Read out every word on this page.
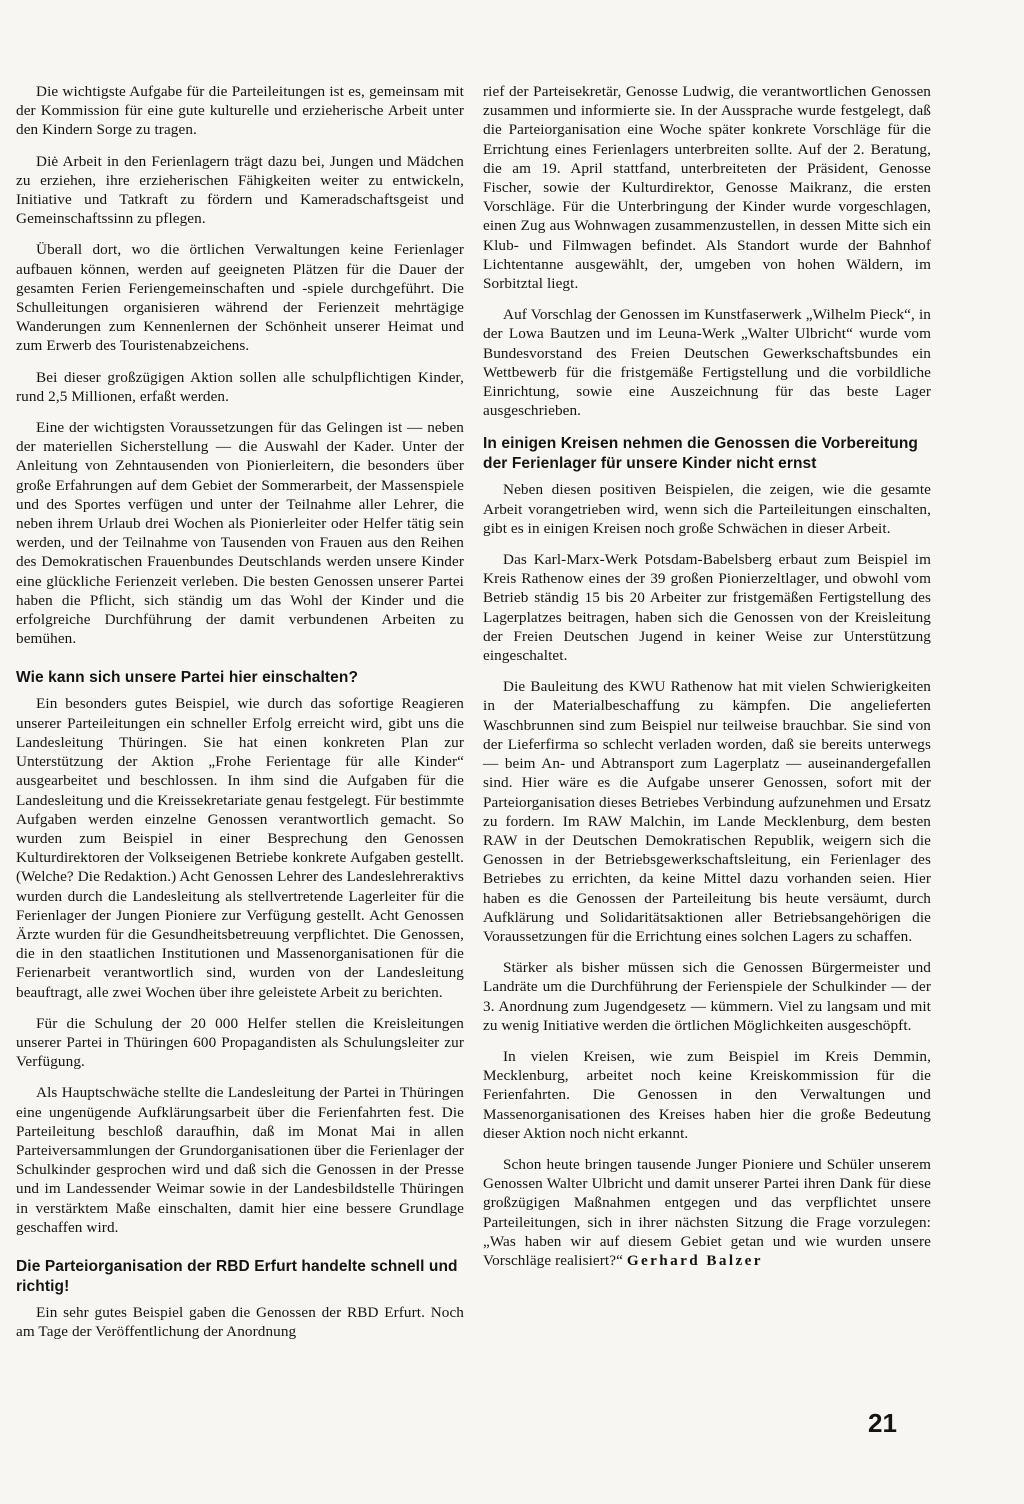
Die wichtigste Aufgabe für die Parteileitungen ist es, gemeinsam mit der Kommission für eine gute kulturelle und erzieherische Arbeit unter den Kindern Sorge zu tragen.

Diė Arbeit in den Ferienlagern trägt dazu bei, Jungen und Mädchen zu erziehen, ihre erzieherischen Fähigkeiten weiter zu entwickeln, Initiative und Tatkraft zu fördern und Kameradschaftsgeist und Gemeinschaftssinn zu pflegen.

Überall dort, wo die örtlichen Verwaltungen keine Ferienlager aufbauen können, werden auf geeigneten Plätzen für die Dauer der gesamten Ferien Feriengemeinschaften und -spiele durchgeführt. Die Schulleitungen organisieren während der Ferienzeit mehrtägige Wanderungen zum Kennenlernen der Schönheit unserer Heimat und zum Erwerb des Touristenabzeichens.

Bei dieser großzügigen Aktion sollen alle schulpflichtigen Kinder, rund 2,5 Millionen, erfaßt werden.

Eine der wichtigsten Voraussetzungen für das Gelingen ist — neben der materiellen Sicherstellung — die Auswahl der Kader. Unter der Anleitung von Zehntausenden von Pionierleitern, die besonders über große Erfahrungen auf dem Gebiet der Sommerarbeit, der Massenspiele und des Sportes verfügen und unter der Teilnahme aller Lehrer, die neben ihrem Urlaub drei Wochen als Pionierleiter oder Helfer tätig sein werden, und der Teilnahme von Tausenden von Frauen aus den Reihen des Demokratischen Frauenbundes Deutschlands werden unsere Kinder eine glückliche Ferienzeit verleben. Die besten Genossen unserer Partei haben die Pflicht, sich ständig um das Wohl der Kinder und die erfolgreiche Durchführung der damit verbundenen Arbeiten zu bemühen.

Wie kann sich unsere Partei hier einschalten?

Ein besonders gutes Beispiel, wie durch das sofortige Reagieren unserer Parteileitungen ein schneller Erfolg erreicht wird, gibt uns die Landesleitung Thüringen. Sie hat einen konkreten Plan zur Unterstützung der Aktion „Frohe Ferientage für alle Kinder“ ausgearbeitet und beschlossen. In ihm sind die Aufgaben für die Landesleitung und die Kreissekretariate genau festgelegt. Für bestimmte Aufgaben werden einzelne Genossen verantwortlich gemacht. So wurden zum Beispiel in einer Besprechung den Genossen Kulturdirektoren der Volkseigenen Betriebe konkrete Aufgaben gestellt. (Welche? Die Redaktion.) Acht Genossen Lehrer des Landeslehreraktivs wurden durch die Landesleitung als stellvertretende Lagerleiter für die Ferienlager der Jungen Pioniere zur Verfügung gestellt. Acht Genossen Ärzte wurden für die Gesundheitsbetreuung verpflichtet. Die Genossen, die in den staatlichen Institutionen und Massenorganisationen für die Ferienarbeit verantwortlich sind, wurden von der Landesleitung beauftragt, alle zwei Wochen über ihre geleistete Arbeit zu berichten.

Für die Schulung der 20 000 Helfer stellen die Kreisleitungen unserer Partei in Thüringen 600 Propagandisten als Schulungsleiter zur Verfügung.

Als Hauptschwäche stellte die Landesleitung der Partei in Thüringen eine ungenügende Aufklärungsarbeit über die Ferienfahrten fest. Die Parteileitung beschloß daraufhin, daß im Monat Mai in allen Parteiversammlungen der Grundorganisationen über die Ferienlager der Schulkinder gesprochen wird und daß sich die Genossen in der Presse und im Landessender Weimar sowie in der Landesbildstelle Thüringen in verstärktem Maße einschalten, damit hier eine bessere Grundlage geschaffen wird.

Die Parteiorganisation der RBD Erfurt handelte schnell und richtig!

Ein sehr gutes Beispiel gaben die Genossen der RBD Erfurt. Noch am Tage der Veröffentlichung der Anordnung

rief der Parteisekretär, Genosse Ludwig, die verantwortlichen Genossen zusammen und informierte sie. In der Aussprache wurde festgelegt, daß die Parteiorganisation eine Woche später konkrete Vorschläge für die Errichtung eines Ferienlagers unterbreiten sollte. Auf der 2. Beratung, die am 19. April stattfand, unterbreiteten der Präsident, Genosse Fischer, sowie der Kulturdirektor, Genosse Maikranz, die ersten Vorschläge. Für die Unterbringung der Kinder wurde vorgeschlagen, einen Zug aus Wohnwagen zusammenzustellen, in dessen Mitte sich ein Klub- und Filmwagen befindet. Als Standort wurde der Bahnhof Lichtentanne ausgewählt, der, umgeben von hohen Wäldern, im Sorbitztal liegt.

Auf Vorschlag der Genossen im Kunstfaserwerk „Wilhelm Pieck“, in der Lowa Bautzen und im Leuna-Werk „Walter Ulbricht“ wurde vom Bundesvorstand des Freien Deutschen Gewerkschaftsbundes ein Wettbewerb für die fristgemäße Fertigstellung und die vorbildliche Einrichtung, sowie eine Auszeichnung für das beste Lager ausgeschrieben.

In einigen Kreisen nehmen die Genossen die Vorbereitung der Ferienlager für unsere Kinder nicht ernst

Neben diesen positiven Beispielen, die zeigen, wie die gesamte Arbeit vorangetrieben wird, wenn sich die Parteileitungen einschalten, gibt es in einigen Kreisen noch große Schwächen in dieser Arbeit.

Das Karl-Marx-Werk Potsdam-Babelsberg erbaut zum Beispiel im Kreis Rathenow eines der 39 großen Pionierzeltlager, und obwohl vom Betrieb ständig 15 bis 20 Arbeiter zur fristgemäßen Fertigstellung des Lagerplatzes beitragen, haben sich die Genossen von der Kreisleitung der Freien Deutschen Jugend in keiner Weise zur Unterstützung eingeschaltet.

Die Bauleitung des KWU Rathenow hat mit vielen Schwierigkeiten in der Materialbeschaffung zu kämpfen. Die angelieferten Waschbrunnen sind zum Beispiel nur teilweise brauchbar. Sie sind von der Lieferfirma so schlecht verladen worden, daß sie bereits unterwegs — beim An- und Abtransport zum Lagerplatz — auseinandergefallen sind. Hier wäre es die Aufgabe unserer Genossen, sofort mit der Parteiorganisation dieses Betriebes Verbindung aufzunehmen und Ersatz zu fordern. Im RAW Malchin, im Lande Mecklenburg, dem besten RAW in der Deutschen Demokratischen Republik, weigern sich die Genossen in der Betriebsgewerkschaftsleitung, ein Ferienlager des Betriebes zu errichten, da keine Mittel dazu vorhanden seien. Hier haben es die Genossen der Parteileitung bis heute versäumt, durch Aufklärung und Solidaritätsaktionen aller Betriebsangehörigen die Voraussetzungen für die Errichtung eines solchen Lagers zu schaffen.

Stärker als bisher müssen sich die Genossen Bürgermeister und Landräte um die Durchführung der Ferienspiele der Schulkinder — der 3. Anordnung zum Jugendgesetz — kümmern. Viel zu langsam und mit zu wenig Initiative werden die örtlichen Möglichkeiten ausgeschöpft.

In vielen Kreisen, wie zum Beispiel im Kreis Demmin, Mecklenburg, arbeitet noch keine Kreiskommission für die Ferienfahrten. Die Genossen in den Verwaltungen und Massenorganisationen des Kreises haben hier die große Bedeutung dieser Aktion noch nicht erkannt.

Schon heute bringen tausende Junger Pioniere und Schüler unserem Genossen Walter Ulbricht und damit unserer Partei ihren Dank für diese großzügigen Maßnahmen entgegen und das verpflichtet unsere Parteileitungen, sich in ihrer nächsten Sitzung die Frage vorzulegen: „Was haben wir auf diesem Gebiet getan und wie wurden unsere Vorschläge realisiert?“ Gerhard Balzer

21
